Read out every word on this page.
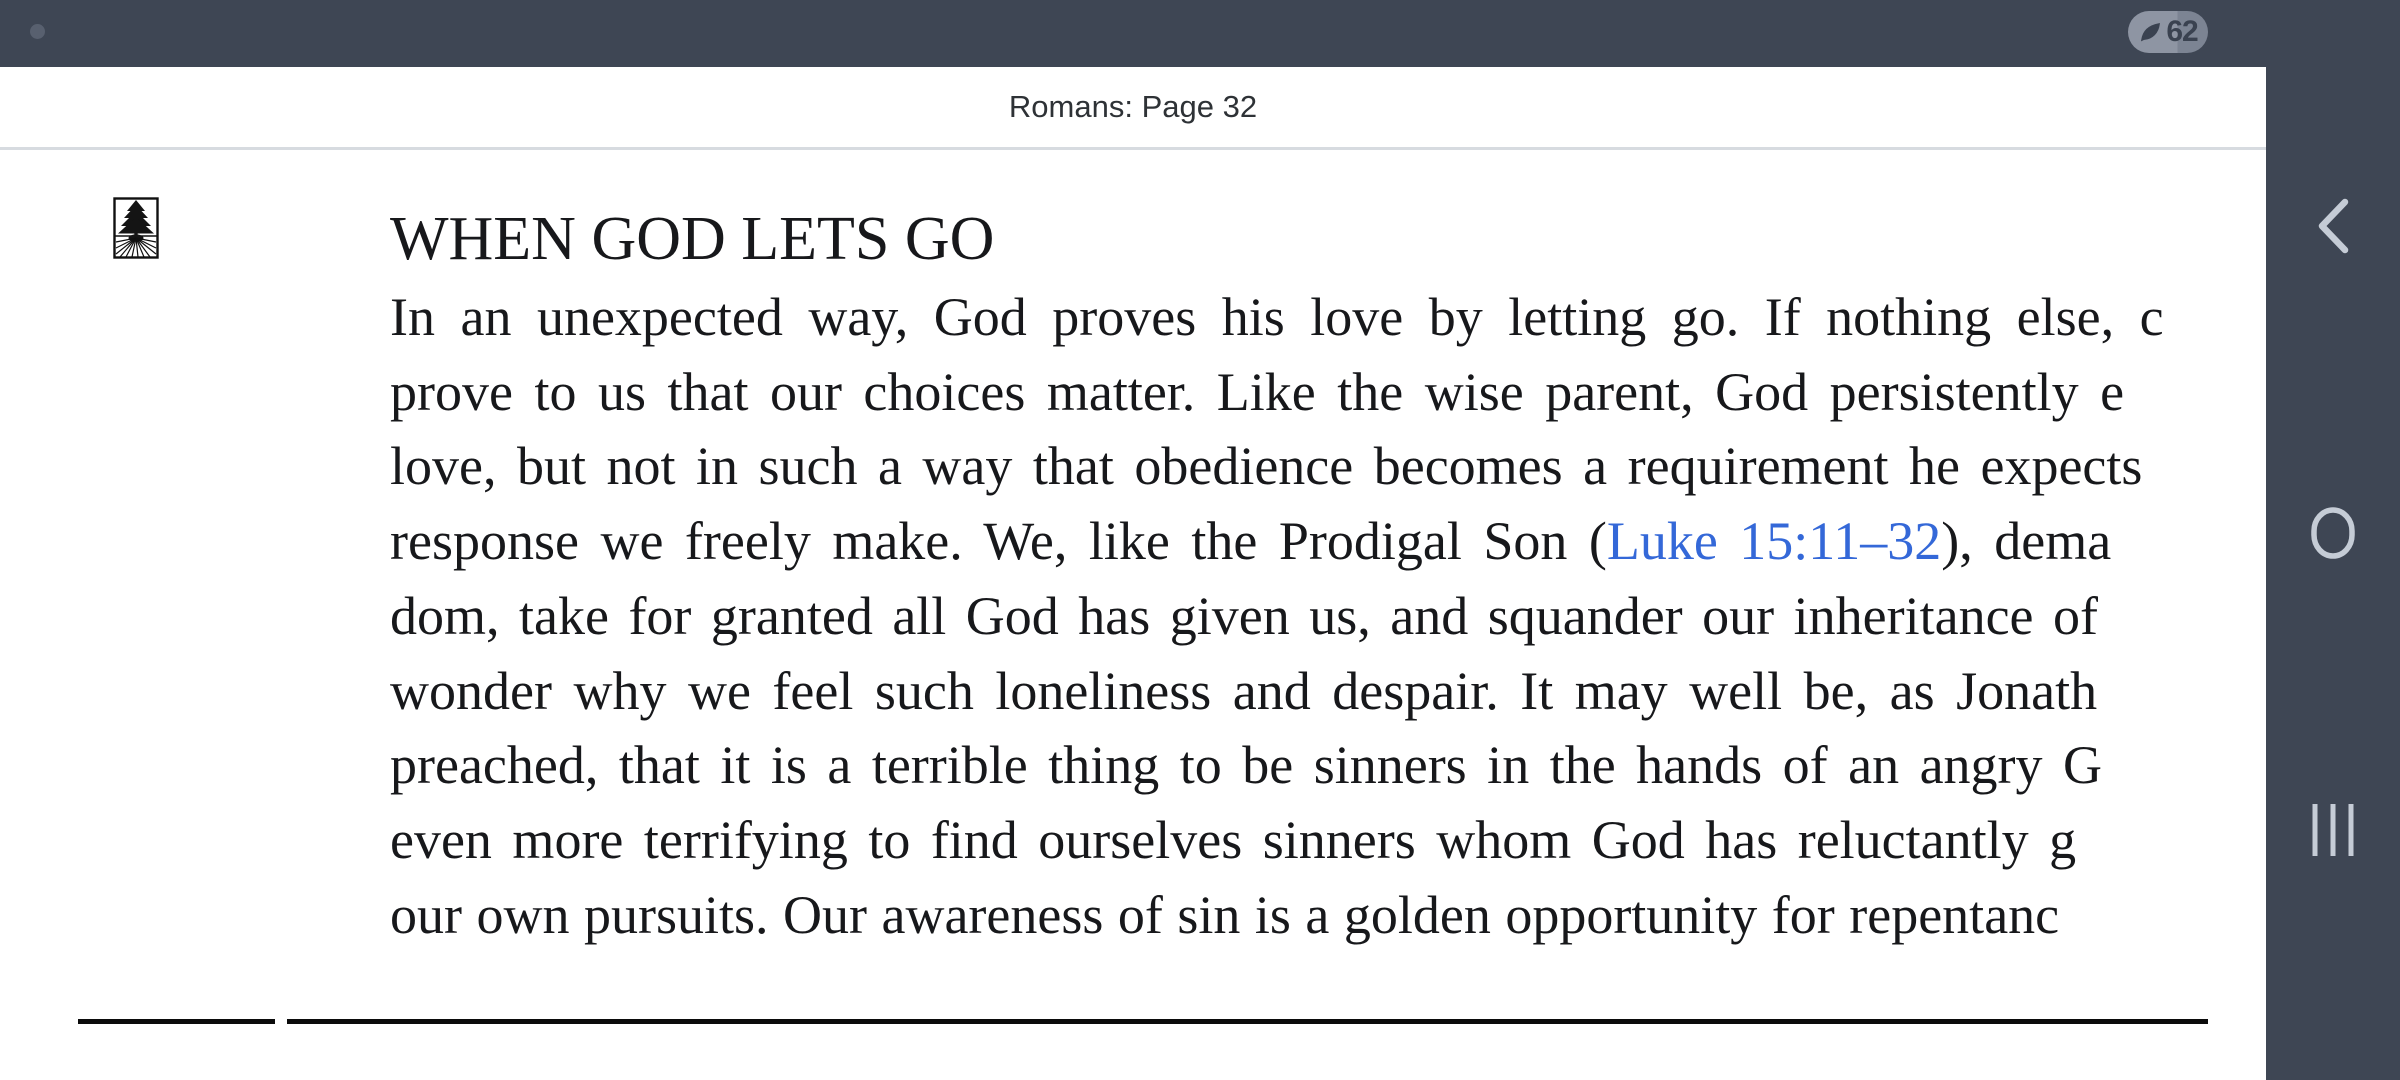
62
Romans: Page 32
WHEN GOD LETS GO
In an unexpected way, God proves his love by letting go. If nothing else, c
prove to us that our choices matter. Like the wise parent, God persistently e
love, but not in such a way that obedience becomes a requirement he expects
response we freely make. We, like the Prodigal Son (Luke 15:11–32), dema
dom, take for granted all God has given us, and squander our inheritance of
wonder why we feel such loneliness and despair. It may well be, as Jonath
preached, that it is a terrible thing to be sinners in the hands of an angry G
even more terrifying to find ourselves sinners whom God has reluctantly g
our own pursuits. Our awareness of sin is a golden opportunity for repentanc
